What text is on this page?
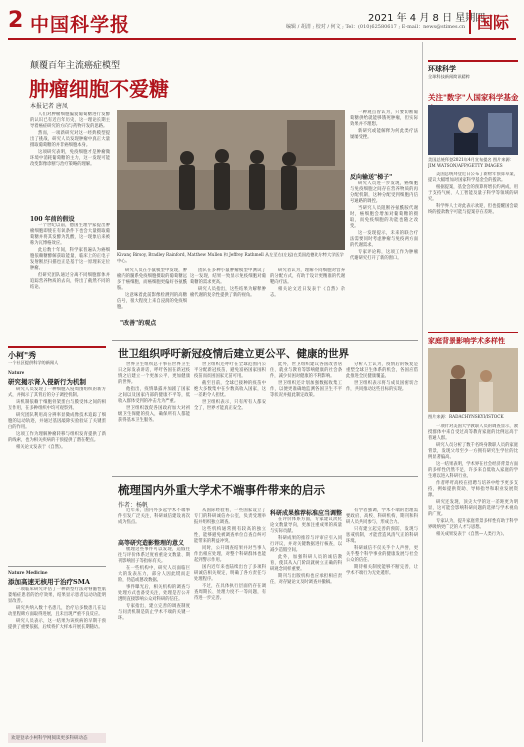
2 中国科学报	2021 年 4 月 8 日 星期四
编辑 / 胡清 ; 校对 / 何文 ; Tel：(010)62580617 ; E-mail：news@stimes.cn 国际
颠覆百年主流癌症模型
肿瘤细胞不爱糖
本报记者 唐凤

人们对肿瘤细胞偏爱葡萄糖进行发酵的认识已有近百年历史，这一理论长期主导着癌症研究的方向与药物开发的思路。

然而，一项新研究对这一经典模型提出了挑战，研究人员发现肿瘤中真正大量摄取葡萄糖的并非癌细胞本身。

这项研究表明，免疫细胞才是肿瘤微环境中消耗葡萄糖的主力，这一发现可能改变影像诊断与治疗策略的理解。

100 年前的假设

一个世纪以前，德国生理学家提出肿瘤细胞即使在有氧条件下也会大量摄取葡萄糖并将其发酵为乳酸，这一现象后来被称为瓦博格效应。

此后数十年间，科学家普遍认为癌细胞依赖糖酵解获取能量，临床上的正电子发射断层扫描也正是基于这一原理来定位肿瘤。

但研究团队通过分离不同细胞群体并追踪营养物质的去向，得出了截然不同的结论。

Kivanç Birsoy, Bradley Rainford, Matthew Mullen 和 Jeffrey Rathmell 从左至右(左起)在美国范德比尔特大学医学中心。

研究人员在小鼠模型中发现，肿瘤内的髓系免疫细胞摄取的葡萄糖远多于癌细胞，而癌细胞更偏好谷氨酰胺。

这意味着此前影像检测到的高糖信号，很大程度上来自浸润的免疫细胞。

"改善"的观点

团队在多种小鼠肿瘤模型中测试了这一发现，结果一致显示免疫细胞对葡萄糖的需求更高。

研究人员指出，这些结果为解释肿瘤代谢的复杂性提供了新的视角。

研究者认为，理解不同细胞对营养的分配方式，有助于设计更精准的代谢靶向疗法。

相关论文近日发表于《自然》杂志。

一种观点曾认为，只要切断葡萄糖供给就能够饿死肿瘤，但实际效果并不理想。

新研究或能解释为何此类疗法屡屡受挫。

反向输送"梯子"

研究人员进一步发现，癌细胞与免疫细胞之间存在营养物质的再分配机制，这种分配受到细胞内信号通路的调控。

当研究人员阻断谷氨酰胺代谢时，癌细胞会增加对葡萄糖的摄取，而免疫细胞的功能也随之改变。

这一发现提示，未来的联合疗法需要同时考虑肿瘤与免疫两方面的代谢需求。

专家评论称，这项工作为肿瘤代谢研究打开了新的窗口。

环球科学
全球科技新闻简讯精粹
关注"数字"人国家科学基金
美国总统拜登2021年4月宣布提名 图片来源：JIM WATSON/AFP/GETTY IMAGES

美国总统拜登近日公布了新财年预算草案，提议大幅增加对国家科学基金会的拨款。

根据提案，基金会的预算将增长约两成，用于支持气候、人工智能及量子科学等领域的研究。

科学界人士对此表示欢迎，但也提醒国会最终的拨款数字可能与提案存在差距。

家庭背景影响学术多样性
图片来源：RADACHYNSKYI/ISTOCK

一项针对美国大学教职人员的调查显示，教授群体中来自受过高等教育家庭的比例远高于普通人群。

研究人员分析了数千名终身教职人员的家庭背景，发现父母至少一方拥有研究生学位的比例显著偏高。

这一结果表明，学术界在社会经济背景方面的多样性仍然不足，许多来自低收入家庭的学生难以进入科研行业。

作者呼吁高校在招聘与培养中给予更多支持，例如提供资助、导师指导和职业发展资源。

研究还发现，顶尖大学的这一差距更为明显，这可能会影响科研问题的选择与学术视角的广度。

专家认为，提升家庭背景多样性有助于科学界吸纳更广泛的人才与思想。

相关成果发表于《自然—人类行为》。

小柯"秀
一个社区提供科学的新闻人
Nature
研究揭示肾入侵新行为机制

研究人员发现了一种细胞入侵周围组织的新方式，并揭示了其背后的分子调控机制。

该机制依赖于细胞骨架蛋白与膜受体之间的相互作用，在多种组织中均可观察到。

研究团队利用高分辨率显微成像技术追踪了细胞的运动轨迹，并通过基因敲除实验验证了关键蛋白的作用。

这项工作为理解肿瘤转移与组织发育提供了新的线索，也为相关疾病的干预提供了潜在靶点。

相关论文发表于《自然》。

Nature Medicine
添加高速无核用于治疗SMA

一项临床研究评估了一种新型疗法对脊髓性肌萎缩症患者的治疗效果，结果显示患者运动功能明显改善。

研究共纳入数十名患儿，治疗后多数患儿在运动里程碑方面取得进展，且未出现严重不良反应。

研究人员表示，这一结果为该疾病的早期干预提供了重要依据，后续将扩大样本开展长期随访。

欢迎登录小柯科学网阅读更多科研动态
世卫组织呼吁新冠疫情后建立更公平、健康的世界

世界卫生组织总干事在世界卫生日之际发表讲话，呼吁各国在新冠疫情之后建立一个更加公平、更加健康的世界。

他指出，疫情暴露并加剧了国家之间以及国家内部的健康不平等，低收入群体受到的冲击尤为严重。

世卫组织敦促各国政府加大对初级卫生保健的投入，确保所有人都能获得基本卫生服务。

世卫组织还呼吁在全球范围内公平分配新冠疫苗，避免富裕国家囤积疫苗而贫困国家无苗可用。

截至目前，全球已接种的疫苗中绝大多数集中在少数高收入国家，这一差距令人担忧。

世卫组织表示，只有所有人都安全了，世界才能真正安全。

此外，世卫组织建议各国改善居住、就业与教育等影响健康的社会条件，减少贫困对健康的不利影响。

世卫组织还计划加强数据收集工作，以便更准确地监测各国卫生不平等状况并据此制定政策。

分析人士认为，疫情后的恢复是重塑全球卫生体系的机会，各国应借此推进全民健康覆盖。

世卫组织表示将与成员国密切合作，共同推动这些目标的实现。

梳理国内外重大学术不端事件带来的启示
作者：杨帆

近年来，国内外多起学术不端事件引发广泛关注，科研诚信建设再次成为焦点。

高等研究造影整理的意义

梳理这些事件可以发现，造假往往与评价体系过度看重论文数量、期刊影响因子等指标有关。

在一些机构中，研究人员面临巨大的发表压力，部分人因此铤而走险，伪造或篡改数据。

事件曝光后，相关机构的调查与处理方式也备受关注，处理是否公开透明直接影响公众对科研的信任。

专家指出，建立完善的调查制度与问责机制是防止学术不端的关键一环。

从国际经验看，一些国家设立了专门的科研诚信办公室，负责受理举报并组织独立调查。

这些机构通常拥有较高的独立性，能够避免被调查单位自查自纠可能带来的利益冲突。

同时，公开调查结果并对当事人作出相应处理，对整个科研群体也能起到警示作用。

国内近年来也陆续出台了多项科研诚信相关规定，明确了各方责任与处理程序。

不过，在具体执行层面仍存在调查周期长、处理力度不一等问题，有待进一步完善。

科研成果推荐标准应当调整

在评价体系方面，专家建议淡化论文数量导向，更加注重成果的质量与实际贡献。

科研成果的推荐与评审应引入同行评议，并对关键数据进行核查，以减少造假空间。

此外，加强科研人员的诚信教育，使其从入门阶段就树立正确的科研观念同样重要。

期刊与出版机构也应承担相应责任，对存疑论文及时调查并撤稿。

有学者强调，学术不端的治理需要政府、高校、科研机构、期刊和科研人员共同参与，形成合力。

只有建立起完善的预防、发现与惩戒机制，才能营造风清气正的科研环境。

科研诚信不仅关乎个人声誉，更关乎整个科学事业的健康发展与社会公众的信任。

期待相关制度能够不断完善，让学术不端行为无处遁形。
